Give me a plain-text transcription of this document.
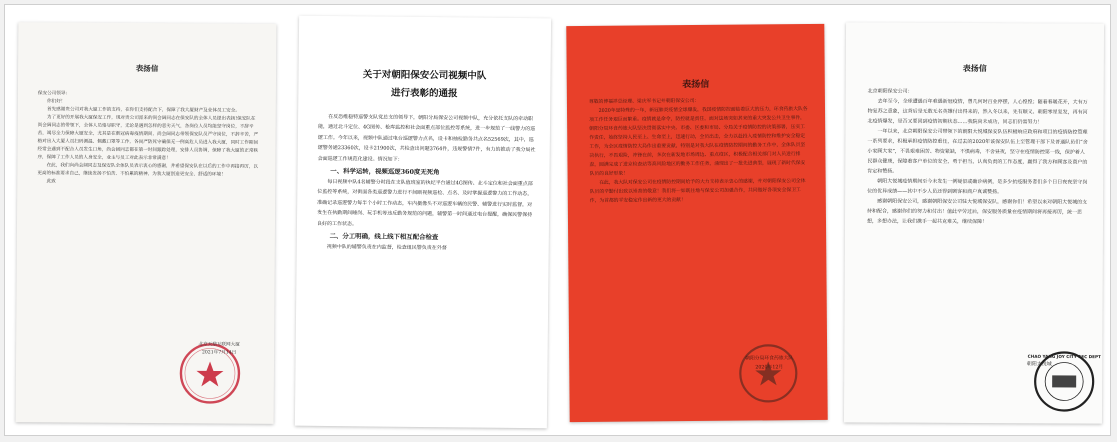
表扬信

保安公司领导：

你们好！

首先感谢贵公司对我大厦工作的支持，在你们支持配合下，保障了我大厦财产及业体员工安全。

为了更好的开展我大厦保安工作，现对贵公司派来的尚会阔同志在保安队的全体人员提出表扬!保安队在尚会阔同志的带领下，全体人员恪尽职守，无论是遇到怎样的恶劣天气，各岗位人员均能坚守岗位，不辞辛苦，竭尽全力保障大厦安全，尤其是在新冠病毒疫情期间，尚会阔同志带领保安队员严守岗位，不辞辛苦，严格对出入大厦人员扫码测温、佩戴口罩等工作，各岗严防死守确保无一例高危人员进入我大厦，同时工作期间经常会遇到不配合人员发生口角，尚会阔同志都在第一时间跟踪处理，安排人员协调，保障了我大厦的正常秩序，保障了工作人员的人身安全，业主与员工对此表示非常满意！

在此，我们向尚会阔同志及保安队全体队员表示衷心的感谢，并希望保安队在以后的工作中再接再厉，以更高的标准要求自己，继续发扬不怕苦、不怕累的精神，为我大厦创造更安全、舒适的环境！

此致

北京天鼎互联网大厦
2021年7月14日
关于对朝阳保安公司视频中队
进行表彰的通报

在反恐维稳特巡警支队党总支的领导下，朝阳分局保安公司视频中队，充分依托支队的牵动职能，通过北斗定位、4G图传、枪库监控和社会面重点部位监控等系统，进一步规范了一线警力的巡逻工作。今年以来，视频中队通过电台巡逻警力点名，设卡和抽检勤务共点名52569次，其中，巡逻警务通23360次，设卡21900次，共检查出问题3764件，违规警情7件，有力的推动了我分局社会面巡逻工作规范化建设。情况如下：

一、科学运转，视频巡逻360度无死角

每日视频中队4名辅警分时段在支队值班室的执纪平台通过4G图传、北斗定位和社会面重点部位监控等系统，对街面各类巡逻警力进行不间断视频巡检、点名、及时掌握巡逻警力的工作动态，准确记录巡逻警力每半个小时工作动态，车内摄像头不对巡逻车辆的民警、辅警进行实时监督，对发生在执勤期间睡岗、玩手机等违反勤务规范的问题，辅警第一时间通过电台提醒，确保民警保持良好的工作状态。

二、分工明确，线上线下相互配合检查

视频中队的辅警负责在内监督，检查组民警负责在外督

表扬信

尊敬的博福祥总经理、梁庆军书记并朝阳保安公司：

2020年是特殊的一年，新冠肺炎疫情全球爆发，我国疫情防控面临着巨大的压力，环食药旅大队各项工作任务艰巨而繁重。疫情就是命令，防控就是责任，面对这场突如其来的重大突发公共卫生事件，朝阳分局环食药旅大队坚决贯彻落实中央、市委、区委和市局、分局关于疫情防控的决策部署，压实工作责任，始终坚持人民至上、生命至上，迅速行动，全员出击，全力以赴投入疫情防控和维护安全稳定工作，为全区疫情防控大局作出重要贡献，特别是对我大队在疫情防控期间的勤务工作中，全体队员坚决执行，不畏艰险，冲锋在前，多次在新发地市场周边、重点疫区，积极配合相关部门对人员进行排查，圆满完成了进京检查站等高风险地区的勤务工作任务，涌现出了一批先进典型，展现了新时代保安队员的良好形象！

在此，我大队对保安公司在疫情防控期间给予的大力支持表示衷心的感谢，并对朝阳保安公司全体队员的辛勤付出致以崇高的敬意！我们将一如既往地与保安公司加强合作，共同做好各项安全保卫工作，为首都的平安稳定作出新的更大的贡献！

朝阳分局环食药旅大队
2020年12月
表扬信

北京朝阳保安公司：

去年至今，全球遭遇百年难遇新冠疫情，曾几何时百业停摆，人心惶惶；随着春暖花开，大有万物复苏之意象，这背后是无数无名英雄付出得来的，然入冬以来，先有顺义、朝阳零星复发，再有河北疫情爆发，是否又要回到疫情初期状态……我院尚未成功，同志们仍需努力！

一年以来，北京朝阳保安公司带领下的朝阳大悦城保安队伍积极响应政府和项目的疫情防控管理一系列要求，积极承担疫情防控重任，在过去的2020年该保安队伍上至管理干部下及普通队员们“舍小家顾大家”，不畏艰难困苦、物资紧缺，不惧病毒，不舍昼夜，坚守在疫情防控第一线，保护着人民群众健康，保障着客户单位的安全，勇于担当，认真负责的工作态度，赢得了我方和顾客及商户的肯定和赞扬。

朝阳大悦城疫情期间至今未发生一例疑似或确诊病例，是多少抗疫服务者们多个日日夜夜坚守岗位的优异成绩——其中不少人员还得到顾客和商户真诚赞扬。

感谢朝阳保安公司，感谢朝阳保安公司驻大悦城保安队，感谢你们！希望以来对朝阳大悦城的支持和配合，感谢你们的努力和付出！值此辛劳过后，保安服务质量在疫情期间将再接再厉，统一思想，多想办法，让我们携手一起共克难关，继续保障！

朝阳大悦城
CHAO YANG JOY CITY SEC DEPT
